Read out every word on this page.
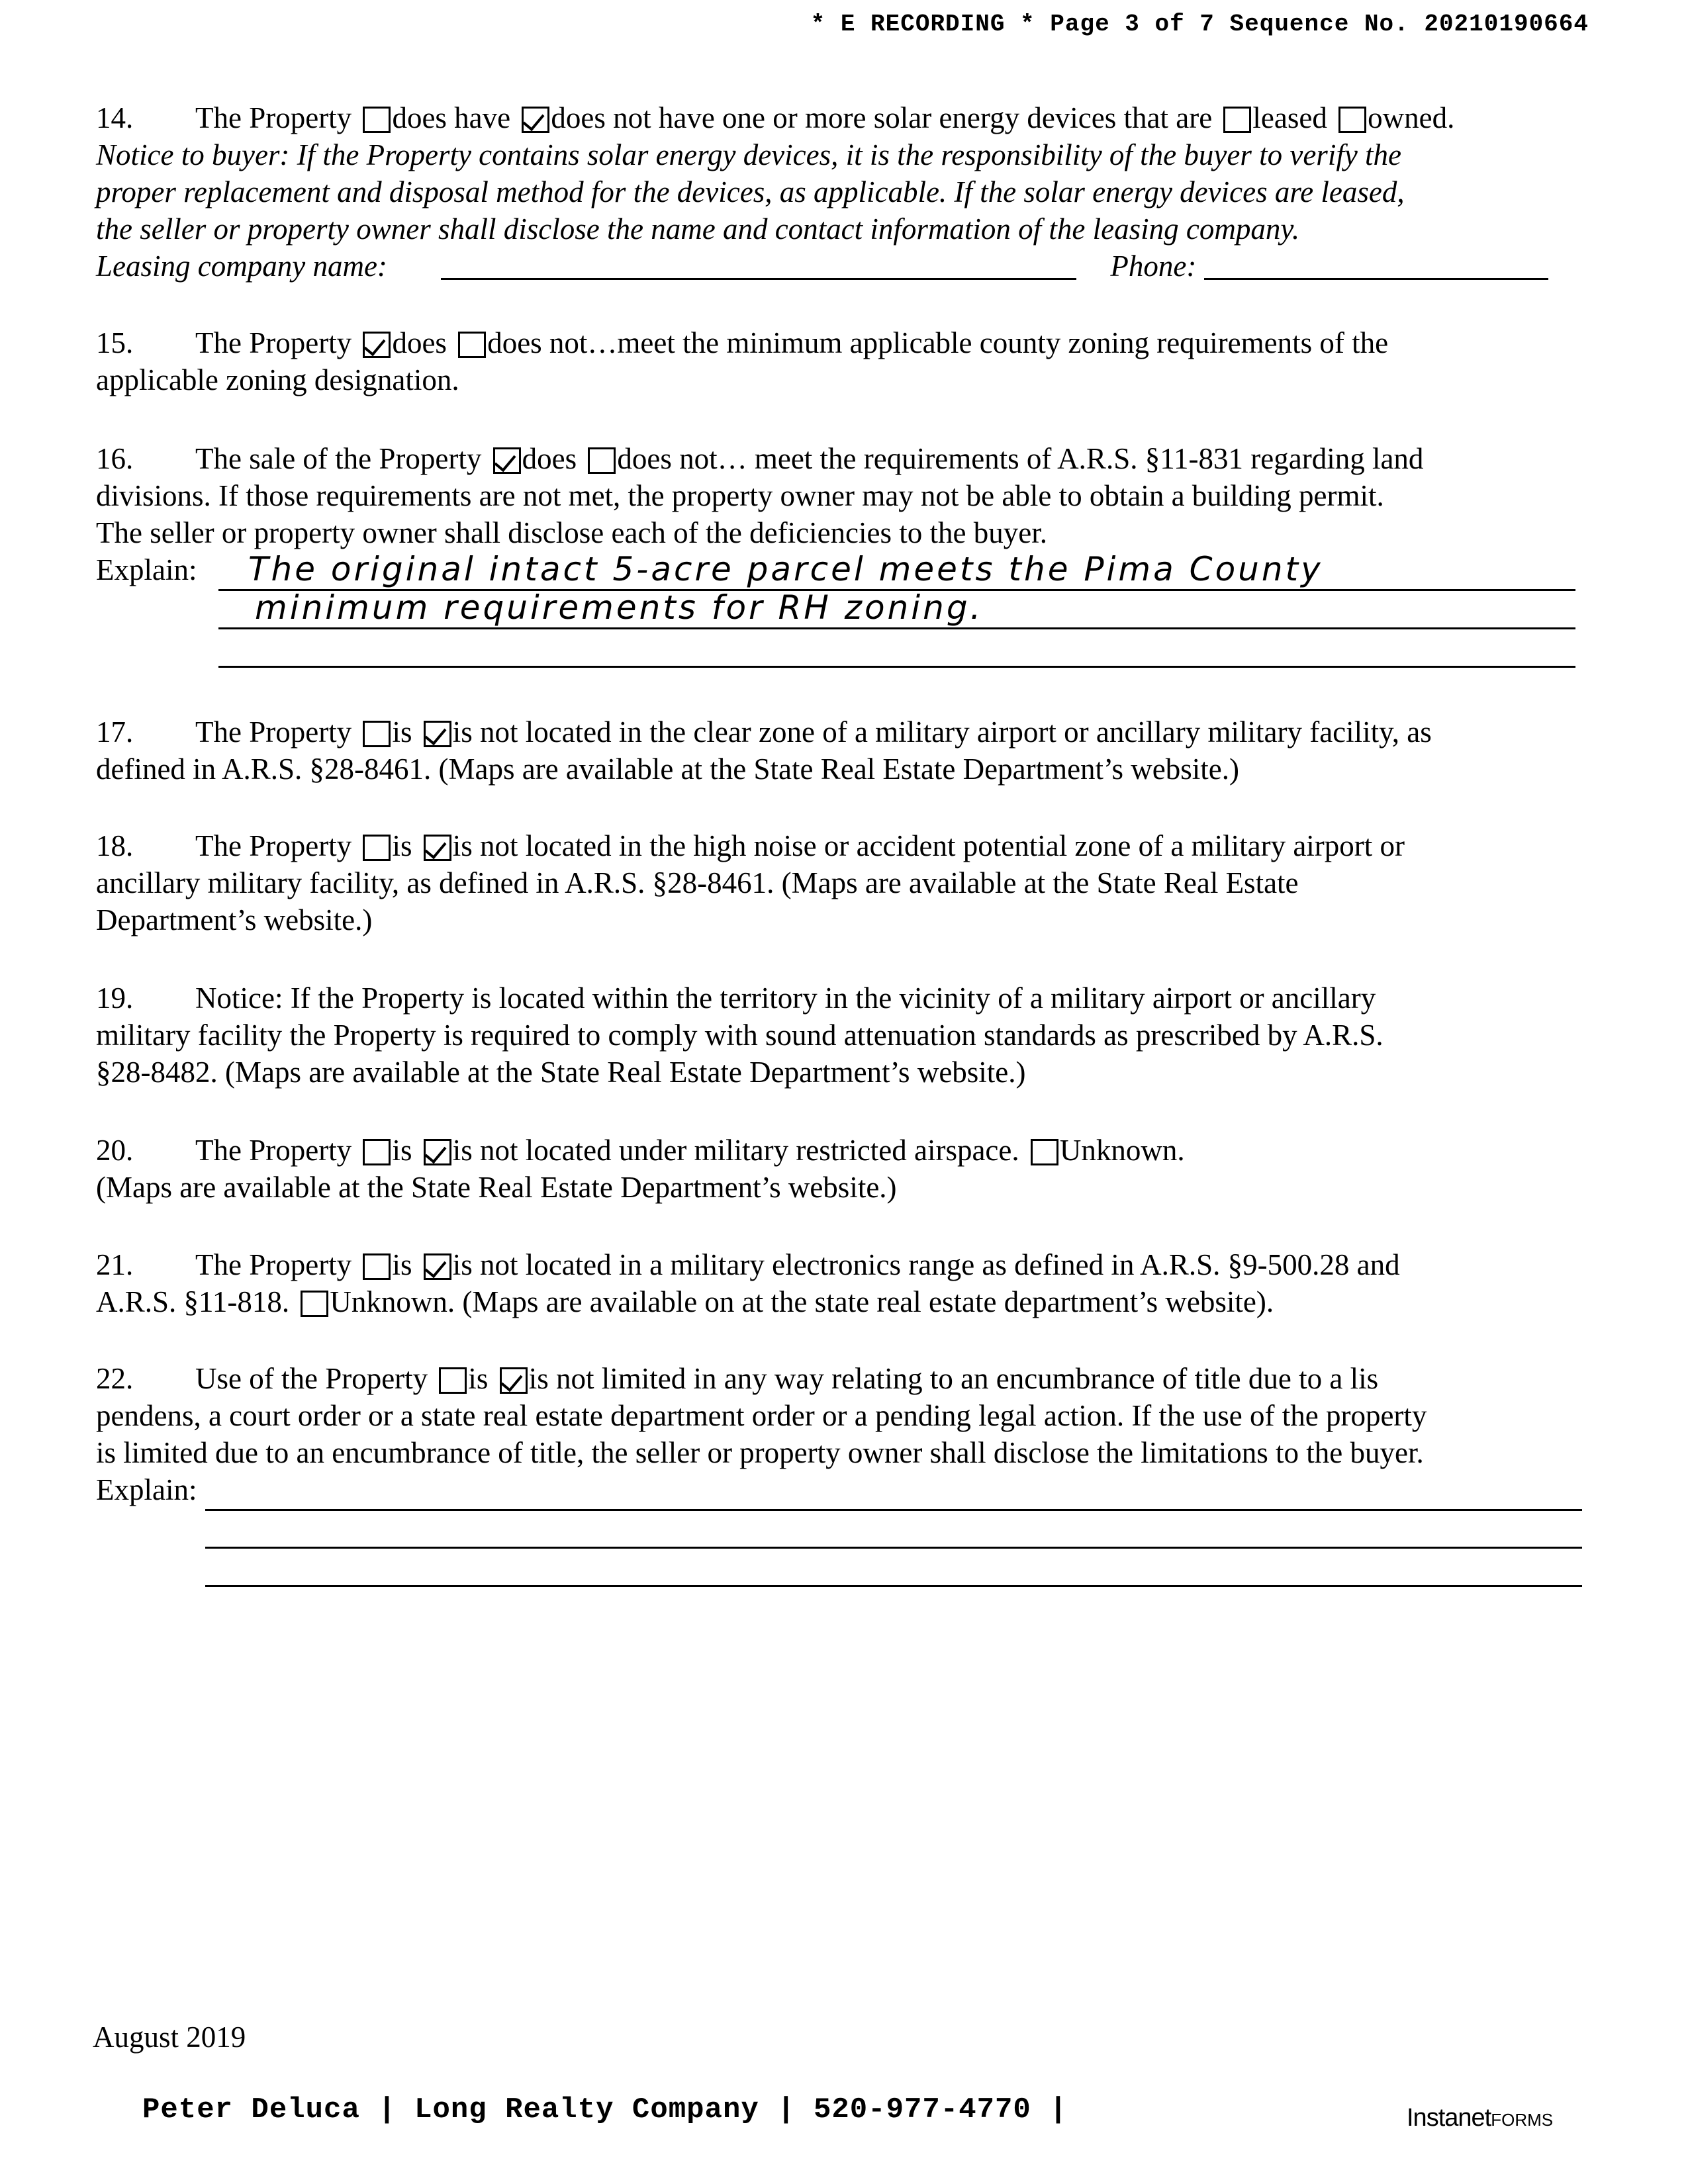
* E RECORDING * Page 3 of 7 Sequence No. 20210190664
14. The Property does have does not have one or more solar energy devices that are leased owned.
Notice to buyer: If the Property contains solar energy devices, it is the responsibility of the buyer to verify the
proper replacement and disposal method for the devices, as applicable. If the solar energy devices are leased,
the seller or property owner shall disclose the name and contact information of the leasing company.
Leasing company name:	Phone:
15. The Property does does not…meet the minimum applicable county zoning requirements of the
applicable zoning designation.
16. The sale of the Property does does not… meet the requirements of A.R.S. §11-831 regarding land
divisions. If those requirements are not met, the property owner may not be able to obtain a building permit.
The seller or property owner shall disclose each of the deficiencies to the buyer.
Explain:	The original intact 5-acre parcel meets the Pima County
minimum requirements for RH zoning.
17. The Property is is not located in the clear zone of a military airport or ancillary military facility, as
defined in A.R.S. §28-8461. (Maps are available at the State Real Estate Department’s website.)
18. The Property is is not located in the high noise or accident potential zone of a military airport or
ancillary military facility, as defined in A.R.S. §28-8461. (Maps are available at the State Real Estate
Department’s website.)
19. Notice: If the Property is located within the territory in the vicinity of a military airport or ancillary
military facility the Property is required to comply with sound attenuation standards as prescribed by A.R.S.
§28-8482. (Maps are available at the State Real Estate Department’s website.)
20. The Property is is not located under military restricted airspace. Unknown.
(Maps are available at the State Real Estate Department’s website.)
21. The Property is is not located in a military electronics range as defined in A.R.S. §9-500.28 and
A.R.S. §11-818. Unknown. (Maps are available on at the state real estate department’s website).
22. Use of the Property is is not limited in any way relating to an encumbrance of title due to a lis
pendens, a court order or a state real estate department order or a pending legal action. If the use of the property
is limited due to an encumbrance of title, the seller or property owner shall disclose the limitations to the buyer.
Explain:
August 2019
Peter Deluca | Long Realty Company | 520-977-4770 |	InstanetFORMS
